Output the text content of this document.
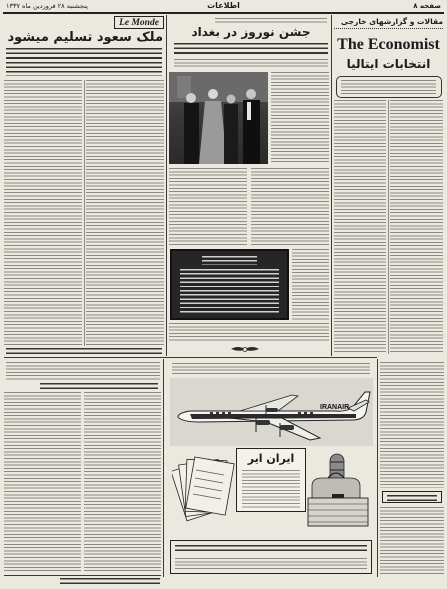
پنجشنبه ۲۸ فروردین ماه ۱۳۳۷	اطلاعات	صفحه ۸
مقالات و گزارشهای خارجی
The Economist
انتخابات ایتالیا
جشن نوروز در بغداد
Le Monde
ملک سعود تسلیم میشود
IRANAIR
ایران ایر
